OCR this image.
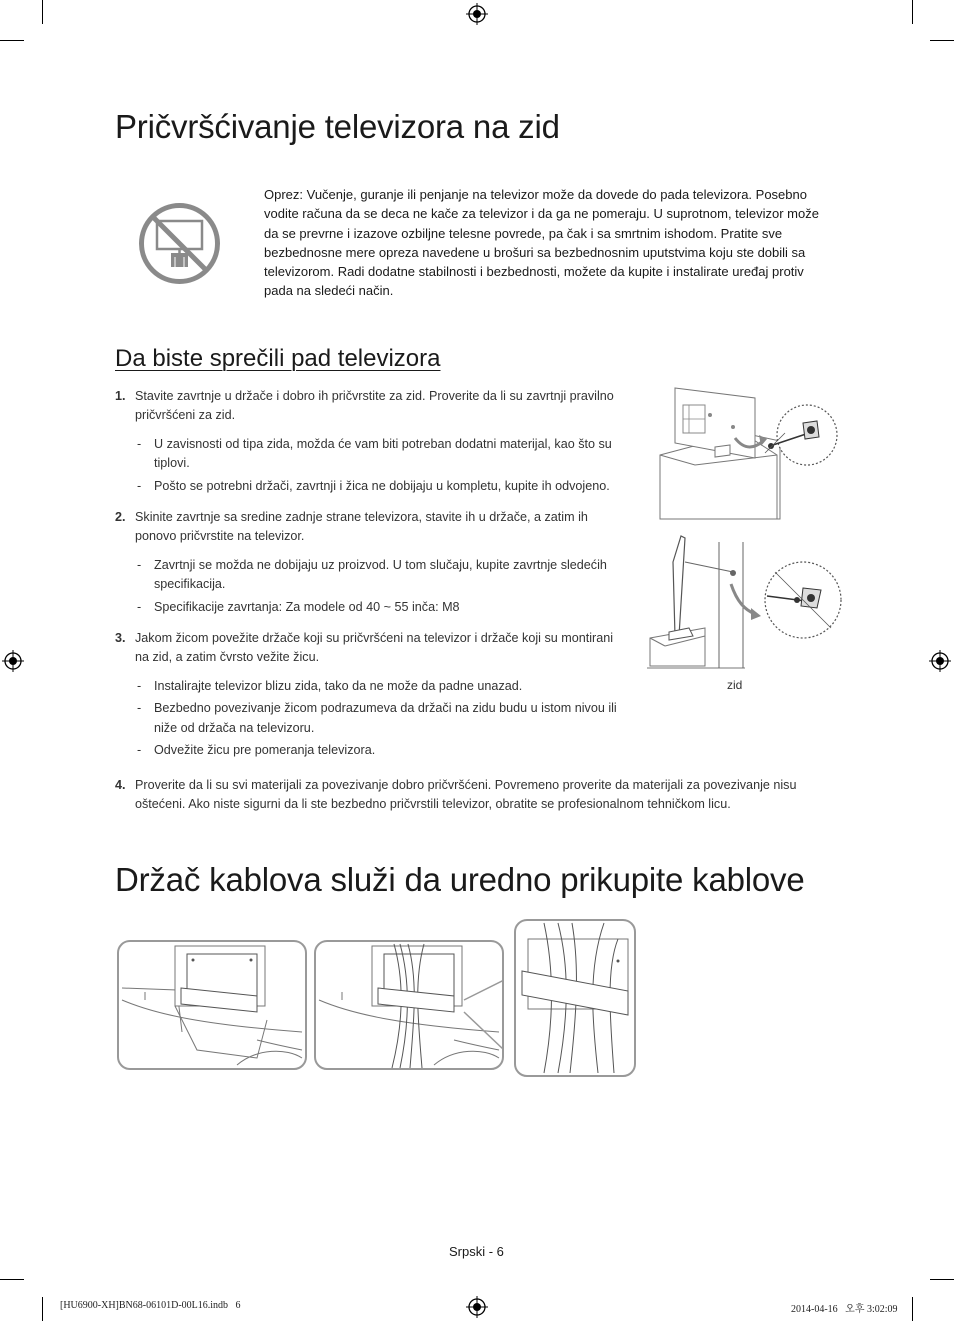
Pričvršćivanje televizora na zid
Oprez: Vučenje, guranje ili penjanje na televizor može da dovede do pada televizora. Posebno vodite računa da se deca ne kače za televizor i da ga ne pomeraju. U suprotnom, televizor može da se prevrne i izazove ozbiljne telesne povrede, pa čak i sa smrtnim ishodom. Pratite sve bezbednosne mere opreza navedene u brošuri sa bezbednosnim uputstvima koju ste dobili sa televizorom. Radi dodatne stabilnosti i bezbednosti, možete da kupite i instalirate uređaj protiv pada na sledeći način.
Da biste sprečili pad televizora
1. Stavite zavrtnje u držače i dobro ih pričvrstite za zid. Proverite da li su zavrtnji pravilno pričvršćeni za zid.
- U zavisnosti od tipa zida, možda će vam biti potreban dodatni materijal, kao što su tiplovi.
- Pošto se potrebni držači, zavrtnji i žica ne dobijaju u kompletu, kupite ih odvojeno.
2. Skinite zavrtnje sa sredine zadnje strane televizora, stavite ih u držače, a zatim ih ponovo pričvrstite na televizor.
- Zavrtnji se možda ne dobijaju uz proizvod. U tom slučaju, kupite zavrtnje sledećih specifikacija.
- Specifikacije zavrtanja: Za modele od 40 ~ 55 inča: M8
3. Jakom žicom povežite držače koji su pričvršćeni na televizor i držače koji su montirani na zid, a zatim čvrsto vežite žicu.
- Instalirajte televizor blizu zida, tako da ne može da padne unazad.
- Bezbedno povezivanje žicom podrazumeva da držači na zidu budu u istom nivou ili niže od držača na televizoru.
- Odvežite žicu pre pomeranja televizora.
4. Proverite da li su svi materijali za povezivanje dobro pričvršćeni. Povremeno proverite da materijali za povezivanje nisu oštećeni. Ako niste sigurni da li ste bezbedno pričvrstili televizor, obratite se profesionalnom tehničkom licu.
zid
Držač kablova služi da uredno prikupite kablove
Srpski - 6
[HU6900-XH]BN68-06101D-00L16.indb   6	2014-04-16   오후 3:02:09
